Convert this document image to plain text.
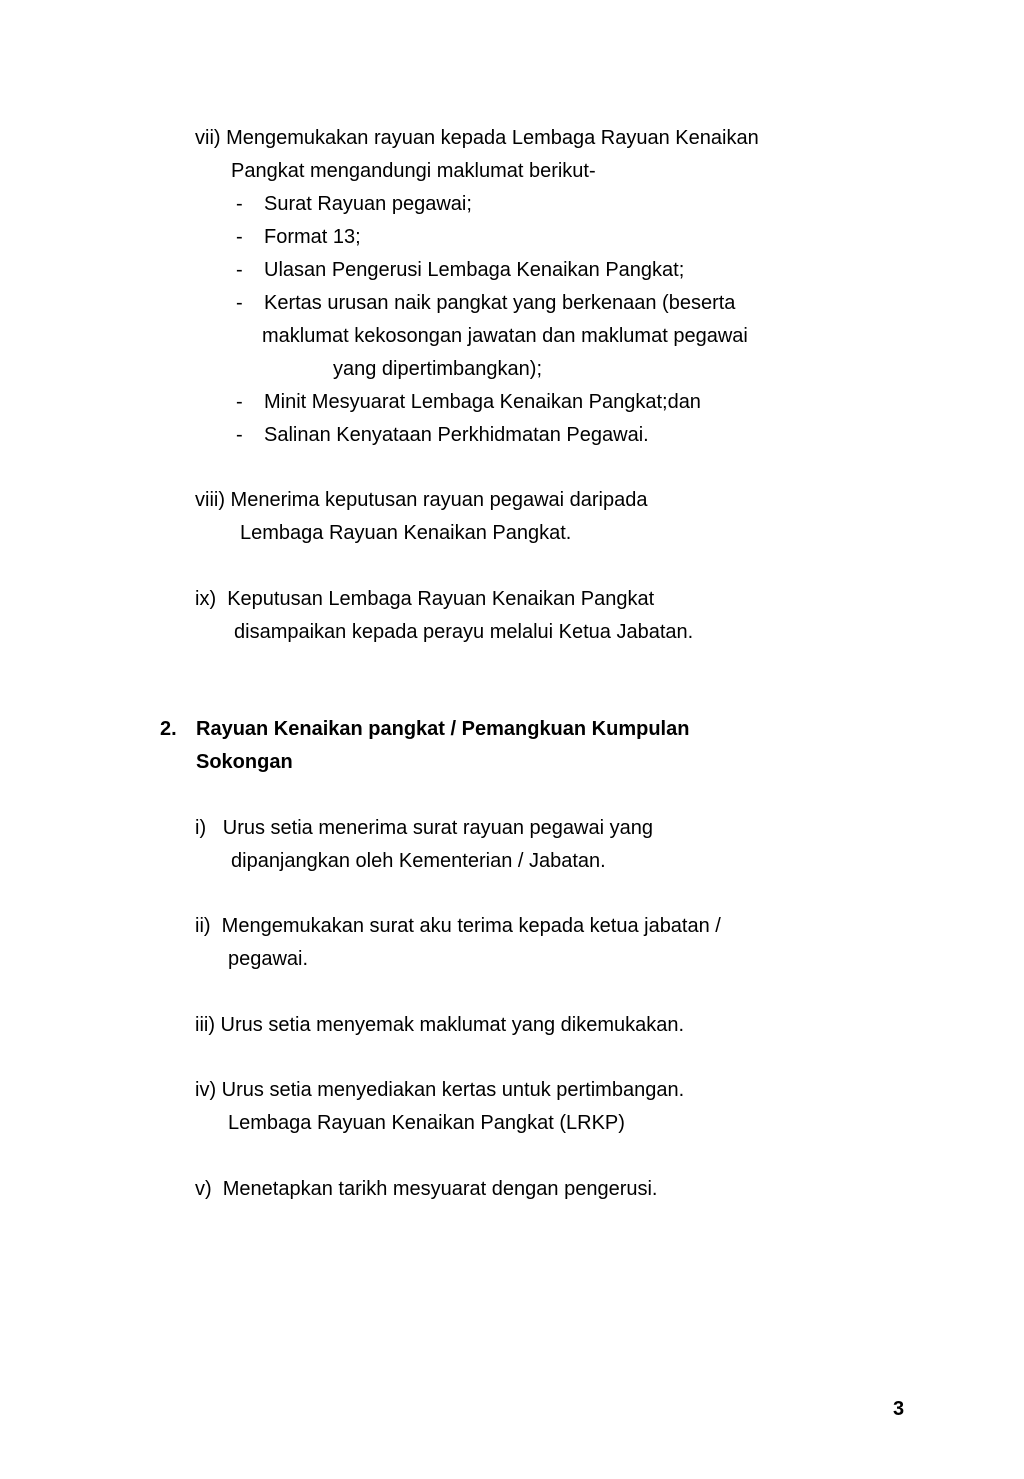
vii) Mengemukakan rayuan kepada Lembaga Rayuan Kenaikan
Pangkat mengandungi maklumat berikut-
- Surat Rayuan pegawai;
- Format 13;
- Ulasan Pengerusi Lembaga Kenaikan Pangkat;
- Kertas urusan naik pangkat yang berkenaan (beserta
maklumat kekosongan jawatan dan maklumat pegawai
yang dipertimbangkan);
- Minit Mesyuarat Lembaga Kenaikan Pangkat;dan
- Salinan Kenyataan Perkhidmatan Pegawai.
viii) Menerima keputusan rayuan pegawai daripada
Lembaga Rayuan Kenaikan Pangkat.
ix)  Keputusan Lembaga Rayuan Kenaikan Pangkat
disampaikan kepada perayu melalui Ketua Jabatan.
2. Rayuan Kenaikan pangkat / Pemangkuan Kumpulan
Sokongan
i)   Urus setia menerima surat rayuan pegawai yang
dipanjangkan oleh Kementerian / Jabatan.
ii)  Mengemukakan surat aku terima kepada ketua jabatan /
pegawai.
iii) Urus setia menyemak maklumat yang dikemukakan.
iv) Urus setia menyediakan kertas untuk pertimbangan.
Lembaga Rayuan Kenaikan Pangkat (LRKP)
v)  Menetapkan tarikh mesyuarat dengan pengerusi.
3
